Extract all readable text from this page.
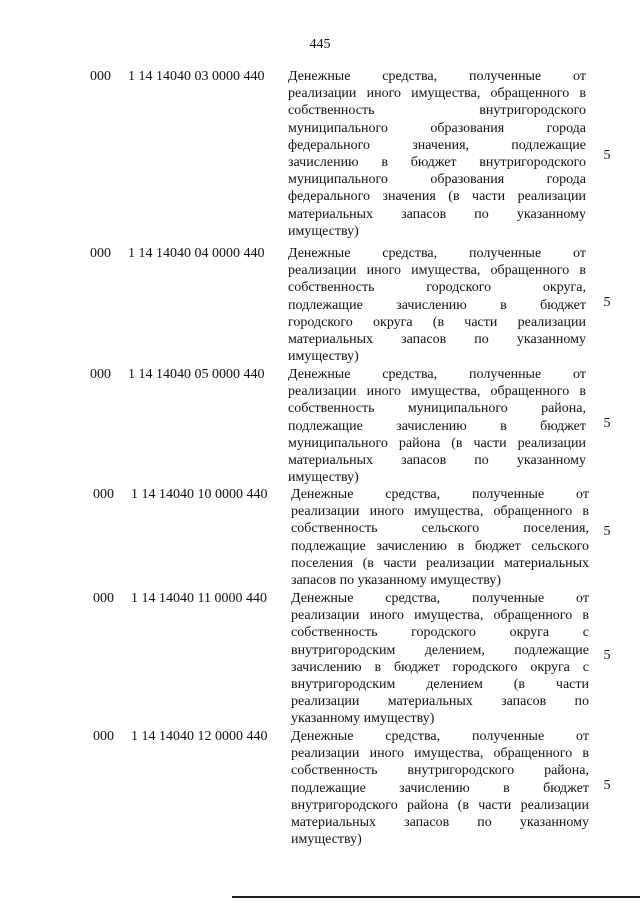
445
000	1 14 14040 03 0000 440	Денежные средства, полученные от
реализации иного имущества, обращенного в
собственность внутригородского
муниципального образования города
федерального значения, подлежащие
зачислению в бюджет внутригородского
муниципального образования города
федерального значения (в части реализации
материальных запасов по указанному
имуществу)
5
000	1 14 14040 04 0000 440	Денежные средства, полученные от
реализации иного имущества, обращенного в
собственность городского округа,
подлежащие зачислению в бюджет
городского округа (в части реализации
материальных запасов по указанному
имуществу)
5
000	1 14 14040 05 0000 440	Денежные средства, полученные от
реализации иного имущества, обращенного в
собственность муниципального района,
подлежащие зачислению в бюджет
муниципального района (в части реализации
материальных запасов по указанному
имуществу)
5
000	1 14 14040 10 0000 440	Денежные средства, полученные от
реализации иного имущества, обращенного в
собственность сельского поселения,
подлежащие зачислению в бюджет сельского
поселения (в части реализации материальных
запасов по указанному имуществу)
5
000	1 14 14040 11 0000 440	Денежные средства, полученные от
реализации иного имущества, обращенного в
собственность городского округа с
внутригородским делением, подлежащие
зачислению в бюджет городского округа с
внутригородским делением (в части
реализации материальных запасов по
указанному имуществу)
5
000	1 14 14040 12 0000 440	Денежные средства, полученные от
реализации иного имущества, обращенного в
собственность внутригородского района,
подлежащие зачислению в бюджет
внутригородского района (в части реализации
материальных запасов по указанному
имуществу)
5
